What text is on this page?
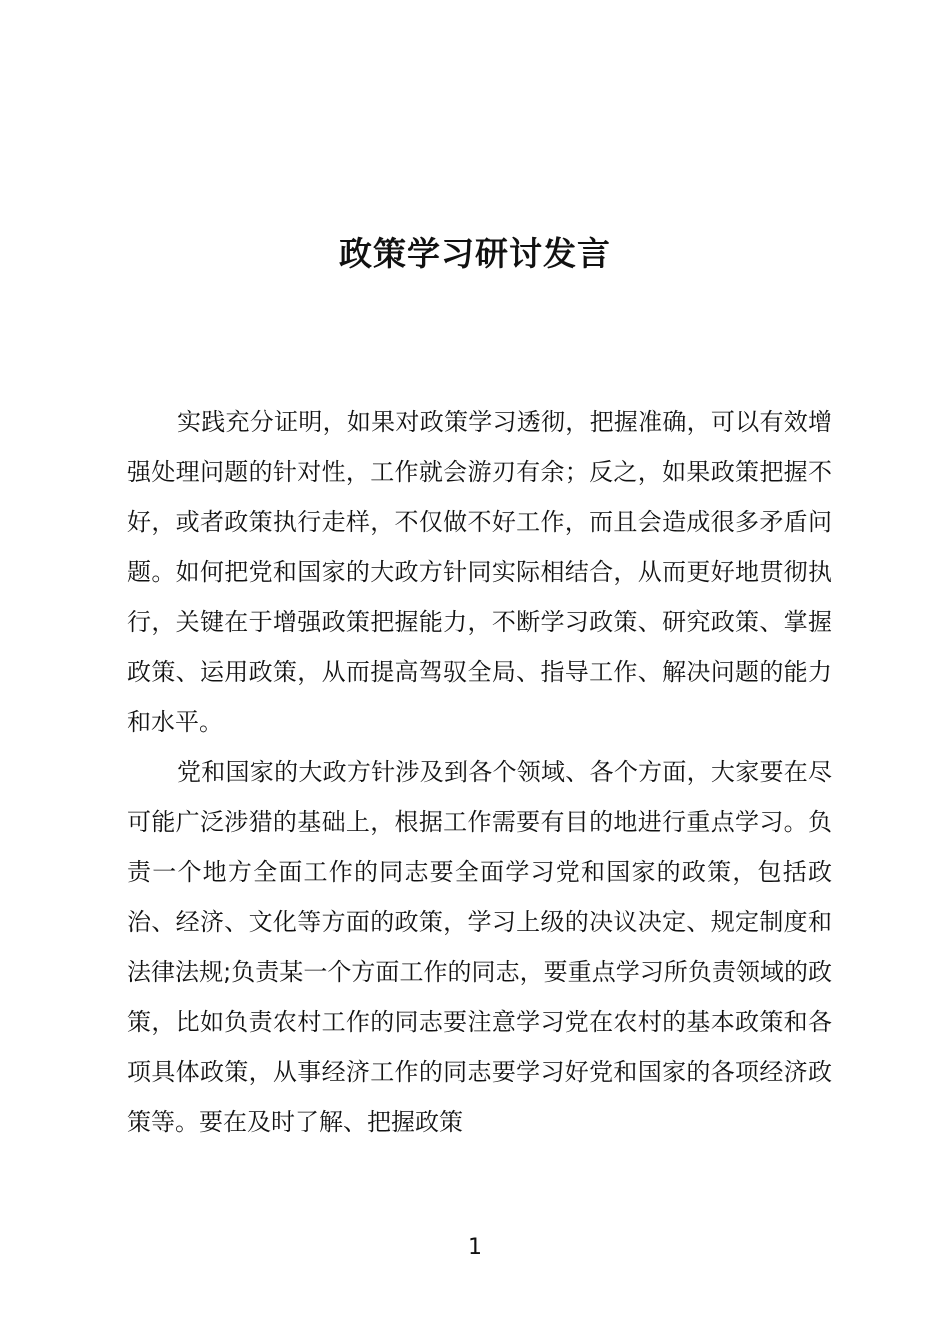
政策学习研讨发言

实践充分证明，如果对政策学习透彻，把握准确，可以有效增强处理问题的针对性，工作就会游刃有余；反之，如果政策把握不好，或者政策执行走样，不仅做不好工作，而且会造成很多矛盾问题。如何把党和国家的大政方针同实际相结合，从而更好地贯彻执行，关键在于增强政策把握能力，不断学习政策、研究政策、掌握政策、运用政策，从而提高驾驭全局、指导工作、解决问题的能力和水平。

党和国家的大政方针涉及到各个领域、各个方面，大家要在尽可能广泛涉猎的基础上，根据工作需要有目的地进行重点学习。负责一个地方全面工作的同志要全面学习党和国家的政策，包括政治、经济、文化等方面的政策，学习上级的决议决定、规定制度和法律法规;负责某一个方面工作的同志，要重点学习所负责领域的政策，比如负责农村工作的同志要注意学习党在农村的基本政策和各项具体政策，从事经济工作的同志要学习好党和国家的各项经济政策等。要在及时了解、把握政策

1
